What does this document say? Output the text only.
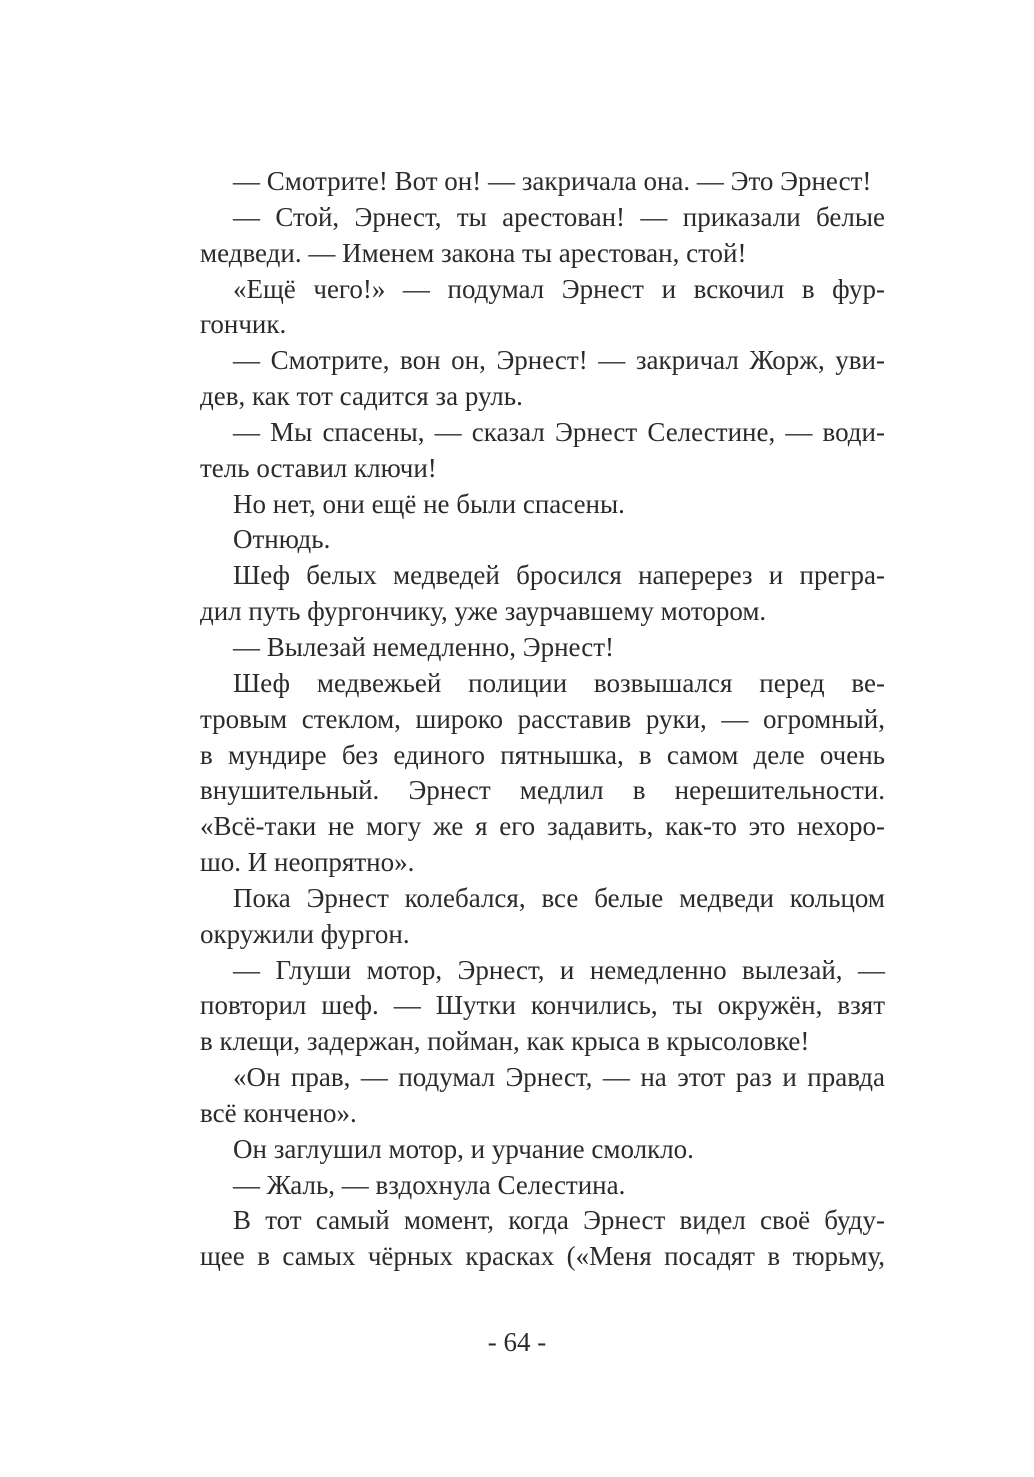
— Смотрите! Вот он! — закричала она. — Это Эрнест!
— Стой, Эрнест, ты арестован! — приказали белые
медведи. — Именем закона ты арестован, стой!
«Ещё чего!» — подумал Эрнест и вскочил в фур-
гончик.
— Смотрите, вон он, Эрнест! — закричал Жорж, уви-
дев, как тот садится за руль.
— Мы спасены, — сказал Эрнест Селестине, — води-
тель оставил ключи!
Но нет, они ещё не были спасены.
Отнюдь.
Шеф белых медведей бросился наперерез и прегра-
дил путь фургончику, уже заурчавшему мотором.
— Вылезай немедленно, Эрнест!
Шеф медвежьей полиции возвышался перед ве-
тровым стеклом, широко расставив руки, — огромный,
в мундире без единого пятнышка, в самом деле очень
внушительный. Эрнест медлил в нерешительности.
«Всё-таки не могу же я его задавить, как-то это нехоро-
шо. И неопрятно».
Пока Эрнест колебался, все белые медведи кольцом
окружили фургон.
— Глуши мотор, Эрнест, и немедленно вылезай, —
повторил шеф. — Шутки кончились, ты окружён, взят
в клещи, задержан, пойман, как крыса в крысоловке!
«Он прав, — подумал Эрнест, — на этот раз и правда
всё кончено».
Он заглушил мотор, и урчание смолкло.
— Жаль, — вздохнула Селестина.
В тот самый момент, когда Эрнест видел своё буду-
щее в самых чёрных красках («Меня посадят в тюрьму,
- 64 -
